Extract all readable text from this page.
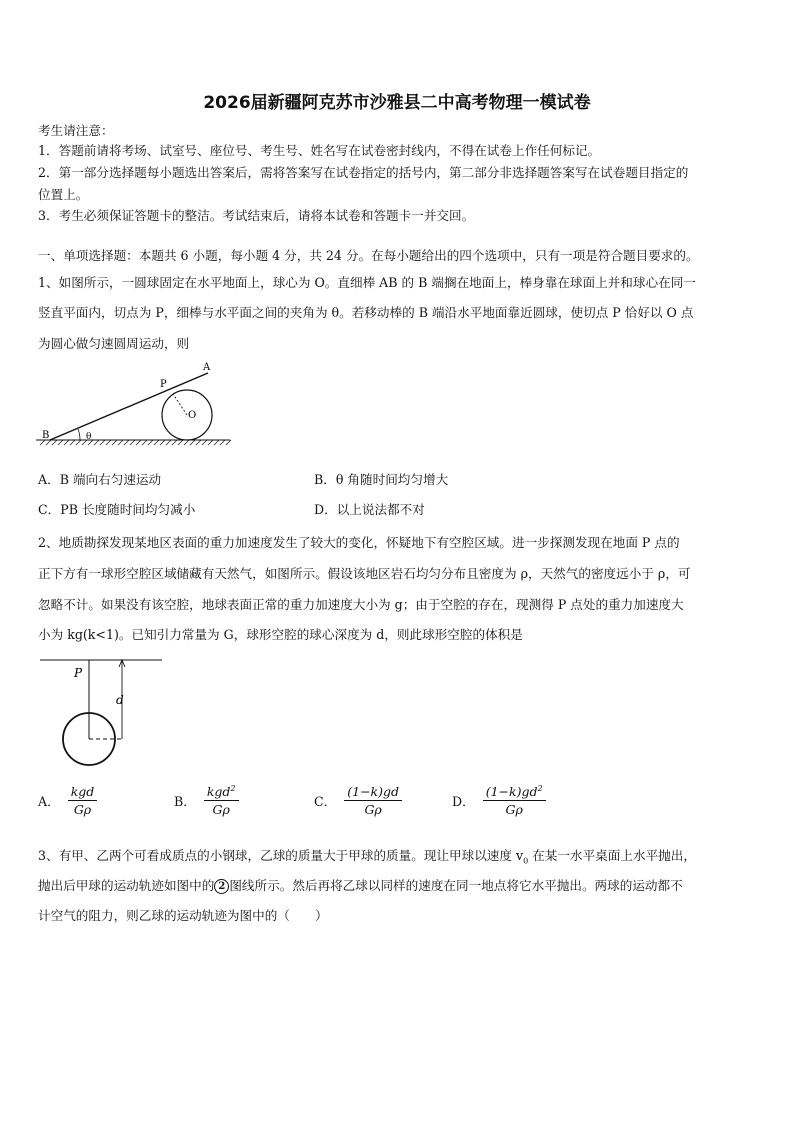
2026届新疆阿克苏市沙雅县二中高考物理一模试卷
考生请注意：
1．答题前请将考场、试室号、座位号、考生号、姓名写在试卷密封线内，不得在试卷上作任何标记。
2．第一部分选择题每小题选出答案后，需将答案写在试卷指定的括号内，第二部分非选择题答案写在试卷题目指定的
位置上。
3．考生必须保证答题卡的整洁。考试结束后，请将本试卷和答题卡一并交回。
一、单项选择题：本题共 6 小题，每小题 4 分，共 24 分。在每小题给出的四个选项中，只有一项是符合题目要求的。
1、如图所示，一圆球固定在水平地面上，球心为 O。直细棒 AB 的 B 端搁在地面上，棒身靠在球面上并和球心在同一
竖直平面内，切点为 P，细棒与水平面之间的夹角为 θ。若移动棒的 B 端沿水平地面靠近圆球，使切点 P 恰好以 O 点
为圆心做匀速圆周运动，则
A
B
P
O
θ
A．B 端向右匀速运动	B．θ 角随时间均匀增大
C．PB 长度随时间均匀减小	D．以上说法都不对
2、地质勘探发现某地区表面的重力加速度发生了较大的变化，怀疑地下有空腔区域。进一步探测发现在地面 P 点的
正下方有一球形空腔区域储藏有天然气，如图所示。假设该地区岩石均匀分布且密度为 ρ，天然气的密度远小于 ρ，可
忽略不计。如果没有该空腔，地球表面正常的重力加速度大小为 g；由于空腔的存在，现测得 P 点处的重力加速度大
小为 kg(k<1)。已知引力常量为 G，球形空腔的球心深度为 d，则此球形空腔的体积是
P
d
A． $\frac{\text{kgd}}{G\rho}$	B． $\frac{kgd^2}{G\rho}$	C． $\frac{(1-k)gd}{G\rho}$	D． $\frac{(1-k)gd^2}{G\rho}$
3、有甲、乙两个可看成质点的小钢球，乙球的质量大于甲球的质量。现让甲球以速度 $v_0$ 在某一水平桌面上水平抛出，
抛出后甲球的运动轨迹如图中的 2 图线所示。然后再将乙球以同样的速度在同一地点将它水平抛出。两球的运动都不
计空气的阻力，则乙球的运动轨迹为图中的（　　）
